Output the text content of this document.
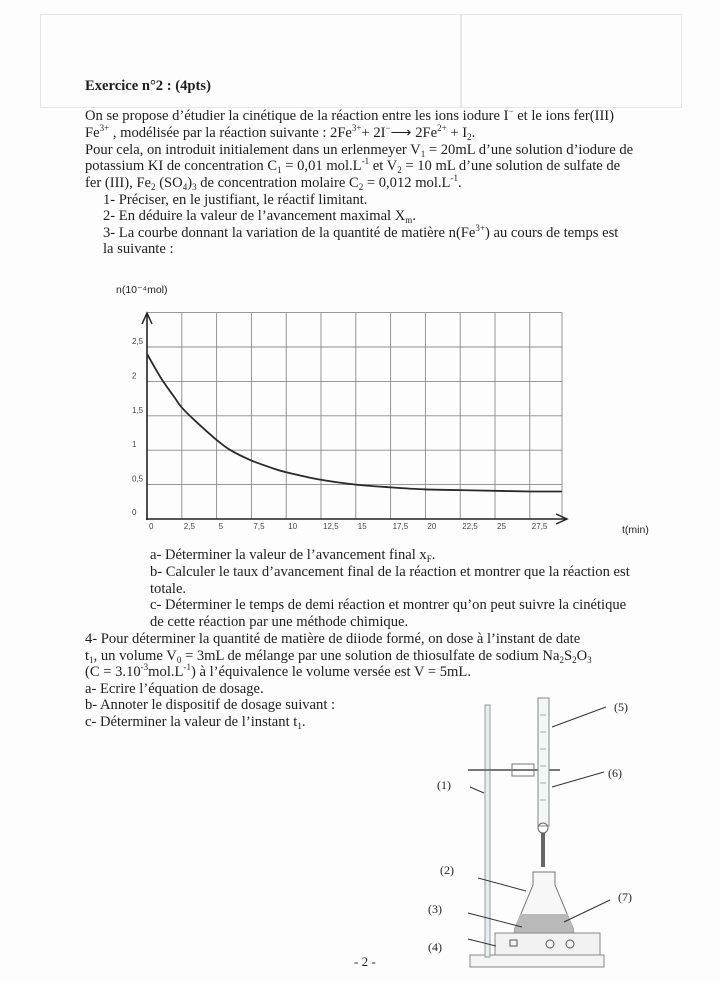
Exercice n°2 : (4pts)
0	2,5	5	7,5	10	12,5 15	17,5 20	22,5 25	27,5
0
0,5
1
1,5
2
2,5
n(10⁻⁴mol)
t(min)
(1)
(2)
(3)
(4)
(5)
(6)
(7)
- 2 -
On se propose d’étudier la cinétique de la réaction entre les ions iodure I− et le ions fer(III)
$Fe^{3+}$ , modélisée par la réaction suivante : $2Fe^{3+}+$ 2I−⟶ $2Fe^{2+} + I_2$.
Pour cela, on introduit initialement dans un erlenmeyer $V_1 = 20mL$ d’une solution d’iodure de
potassium KI de concentration $C_1 = 0,01$ $mol.L^{-1}$ et $V_2 = 10$ mL d’une solution de sulfate de
fer (III), $Fe_2$ $(SO_4)_3$ de concentration molaire $C_2 = 0,012$ $mol.L^{-1}$.
1- Préciser, en le justifiant, le réactif limitant.
2- En déduire la valeur de l’avancement maximal $X_m$.
3- La courbe donnant la variation de la quantité de matière $n(Fe^{3+})$ au cours de temps est
la suivante :
a- Déterminer la valeur de l’avancement final $x_F$.
b- Calculer le taux d’avancement final de la réaction et montrer que la réaction est
totale.
c- Déterminer le temps de demi réaction et montrer qu’on peut suivre la cinétique
de cette réaction par une méthode chimique.
4- Pour déterminer la quantité de matière de diiode formé, on dose à l’instant de date
$t_1$, un volume $V_0 = 3mL$ de mélange par une solution de thiosulfate de sodium $Na_2S_2O_3$
$(C = 3.10^{-3}mol.L^{-1})$ à l’équivalence le volume versée est V = 5mL.
a- Ecrire l’équation de dosage.
b- Annoter le dispositif de dosage suivant :
c- Déterminer la valeur de l’instant $t_1$.
